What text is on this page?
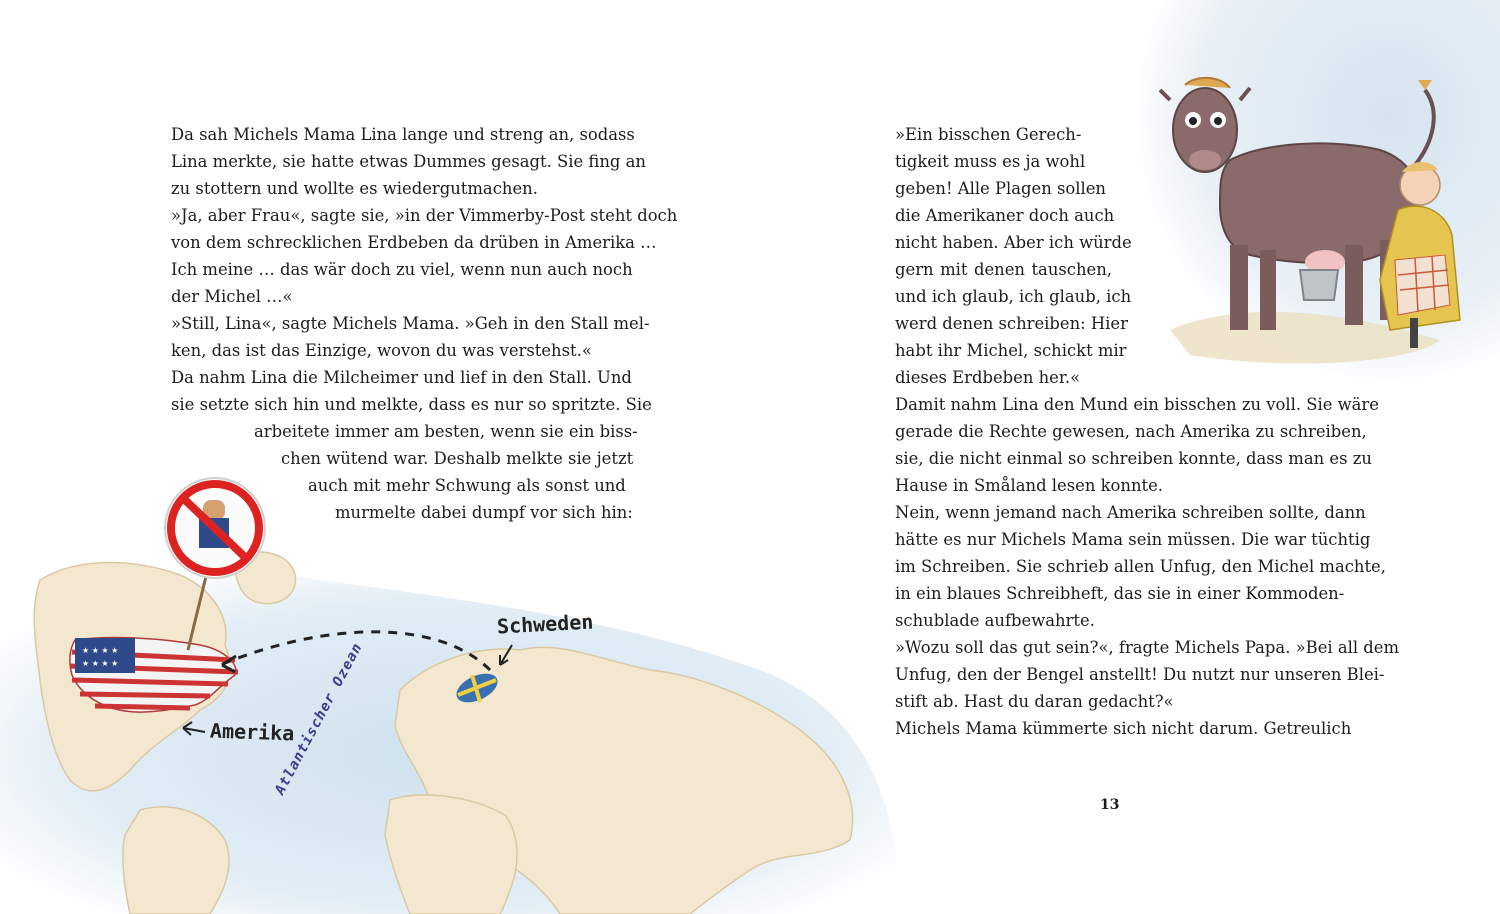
★ ★ ★ ★
★ ★ ★ ★
Da sah Michels Mama Lina lange und streng an, sodass
Lina merkte, sie hatte etwas Dummes gesagt. Sie fing an
zu stottern und wollte es wiedergutmachen.
»Ja, aber Frau«, sagte sie, »in der Vimmerby-Post steht doch
von dem schrecklichen Erdbeben da drüben in Amerika …
Ich meine … das wär doch zu viel, wenn nun auch noch
der Michel …«
»Still, Lina«, sagte Michels Mama. »Geh in den Stall mel-
ken, das ist das Einzige, wovon du was verstehst.«
Da nahm Lina die Milcheimer und lief in den Stall. Und
sie setzte sich hin und melkte, dass es nur so spritzte. Sie
arbeitete immer am besten, wenn sie ein biss-
chen wütend war. Deshalb melkte sie jetzt
auch mit mehr Schwung als sonst und
murmelte dabei dumpf vor sich hin:
Schweden
Amerika
Atlantischer Ozean
»Ein bisschen Gerech-
tigkeit muss es ja wohl
geben! Alle Plagen sollen
die Amerikaner doch auch
nicht haben. Aber ich würde
gern mit denen tauschen,
und ich glaub, ich glaub, ich
werd denen schreiben: Hier
habt ihr Michel, schickt mir
dieses Erdbeben her.«
Damit nahm Lina den Mund ein bisschen zu voll. Sie wäre
gerade die Rechte gewesen, nach Amerika zu schreiben,
sie, die nicht einmal so schreiben konnte, dass man es zu
Hause in Småland lesen konnte.
Nein, wenn jemand nach Amerika schreiben sollte, dann
hätte es nur Michels Mama sein müssen. Die war tüchtig
im Schreiben. Sie schrieb allen Unfug, den Michel machte,
in ein blaues Schreibheft, das sie in einer Kommoden-
schublade aufbewahrte.
»Wozu soll das gut sein?«, fragte Michels Papa. »Bei all dem
Unfug, den der Bengel anstellt! Du nutzt nur unseren Blei-
stift ab. Hast du daran gedacht?«
Michels Mama kümmerte sich nicht darum. Getreulich
13
